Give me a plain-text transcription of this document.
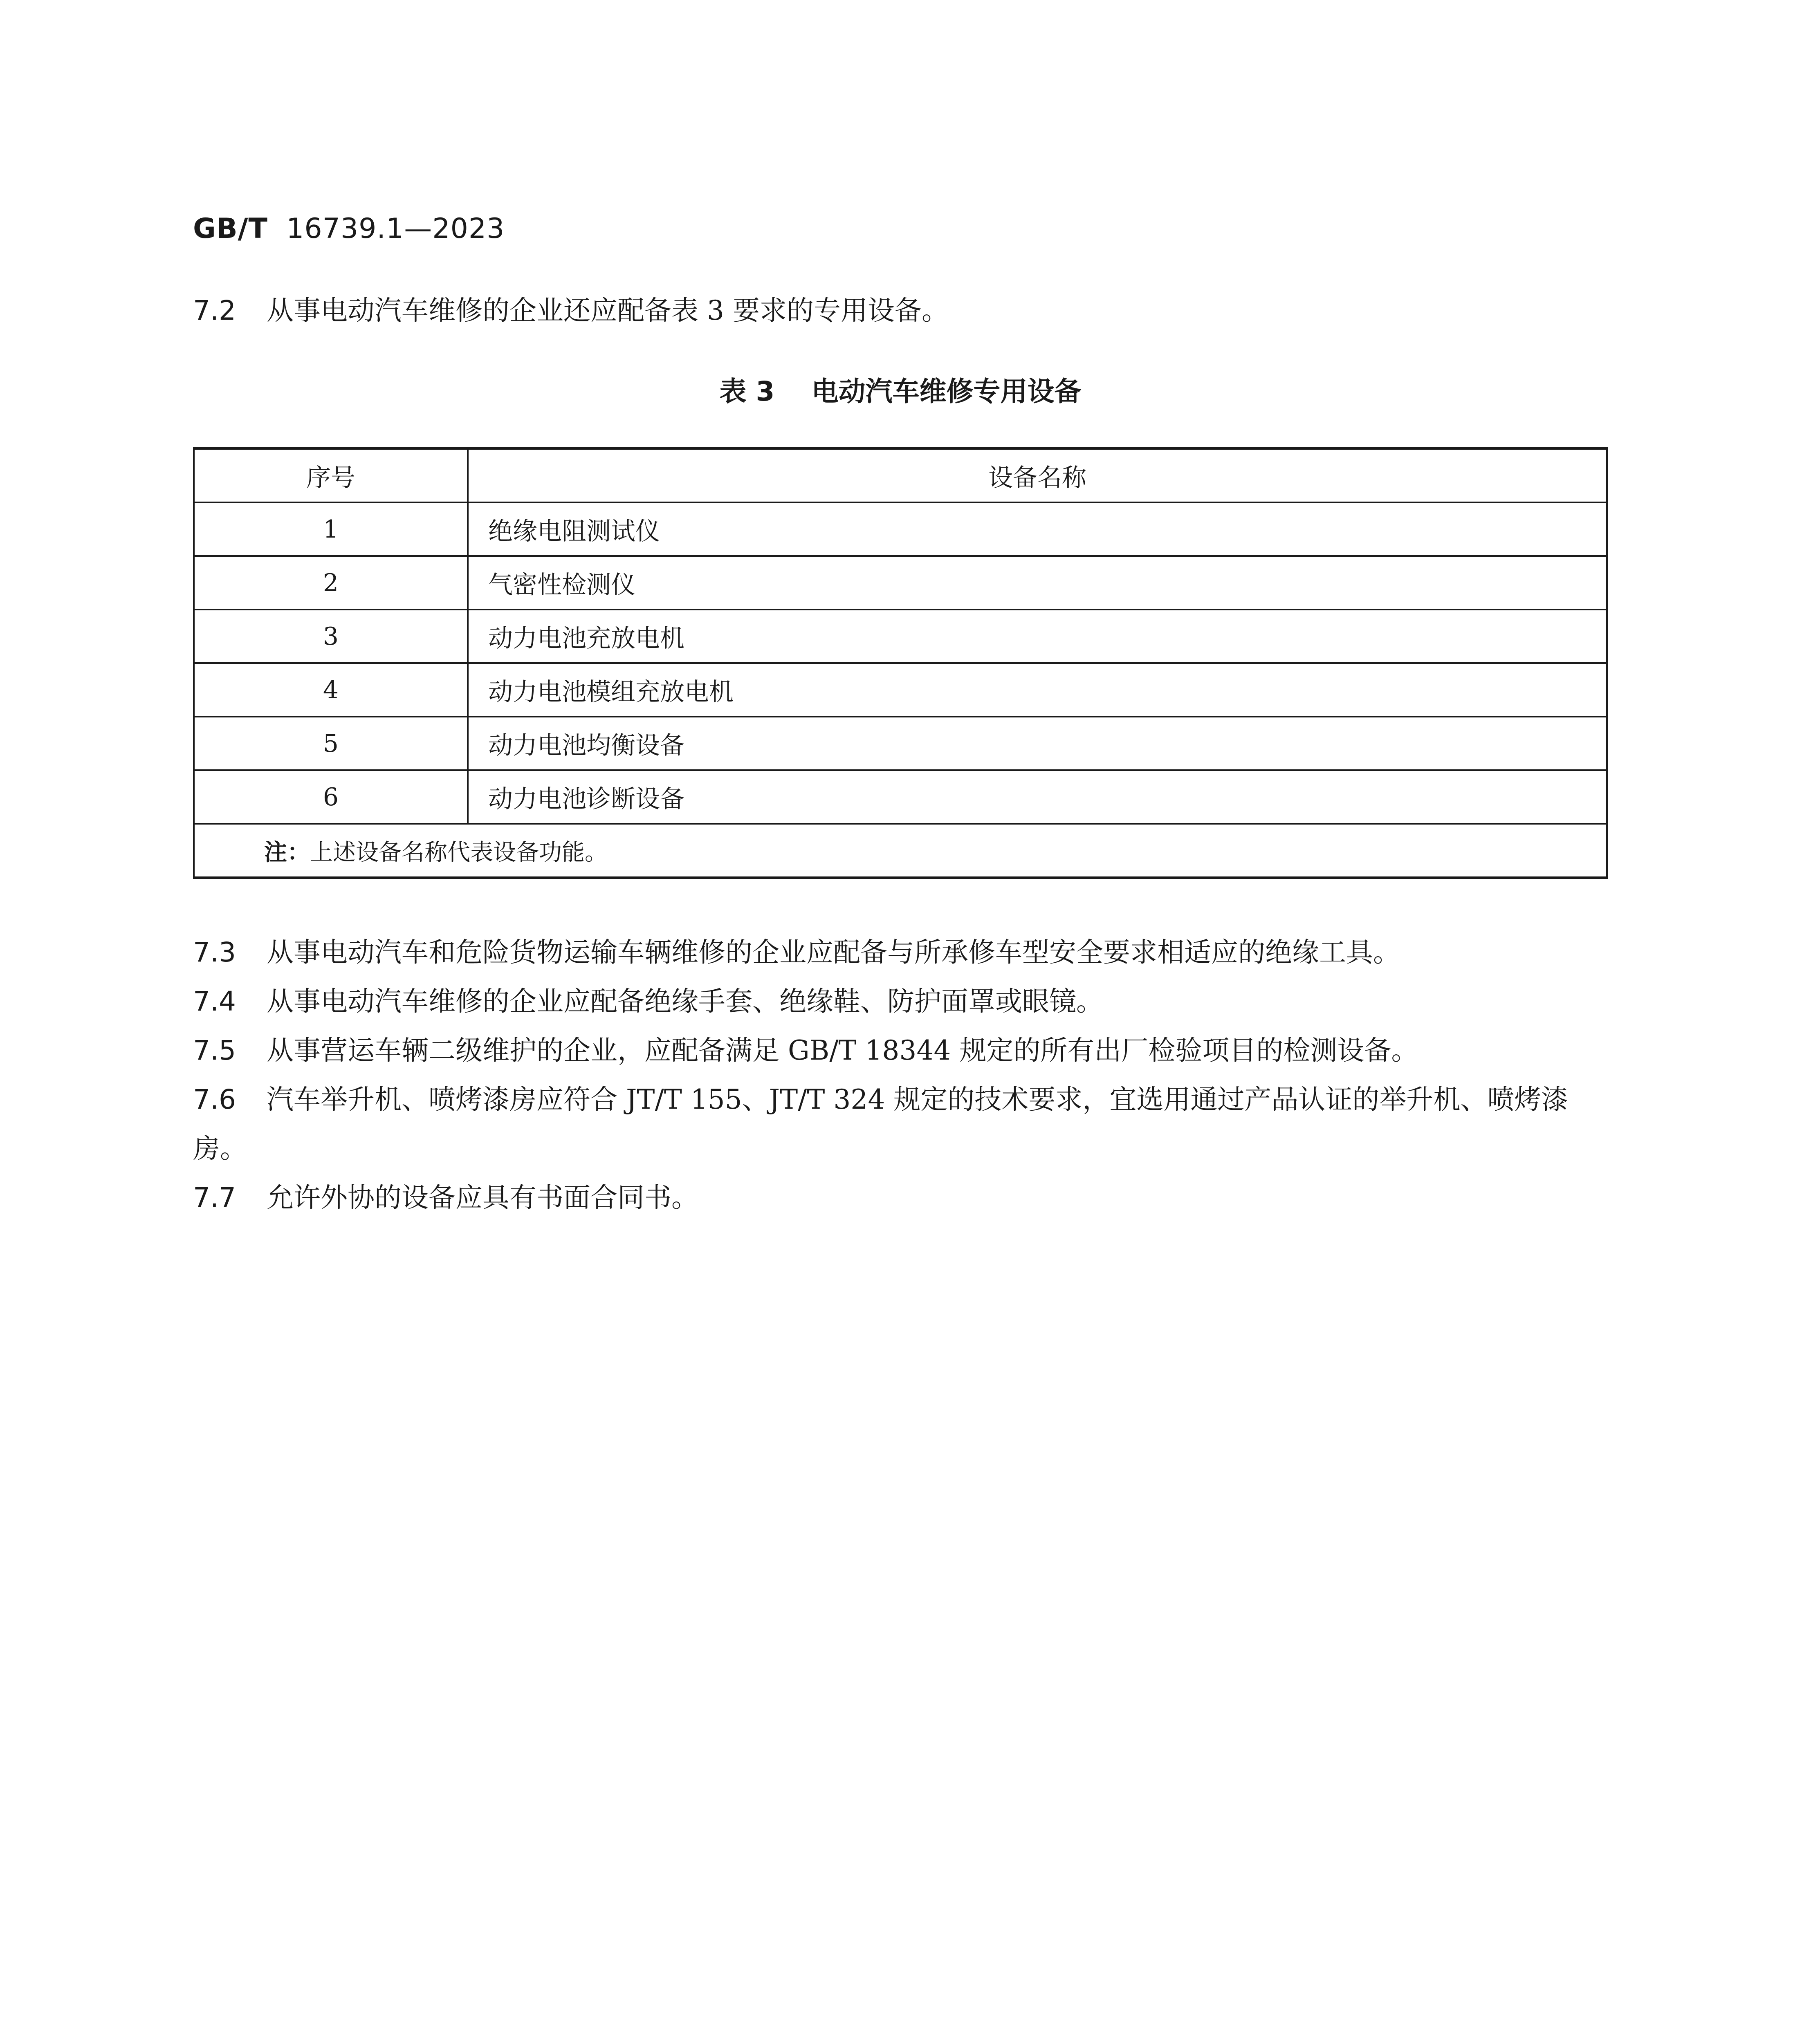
GB/T 16739.1—2023
7.2 从事电动汽车维修的企业还应配备表 3 要求的专用设备。
表 3 电动汽车维修专用设备
序号	设备名称
1	绝缘电阻测试仪
2	气密性检测仪
3	动力电池充放电机
4	动力电池模组充放电机
5	动力电池均衡设备
6	动力电池诊断设备
注：上述设备名称代表设备功能。	
7.3 从事电动汽车和危险货物运输车辆维修的企业应配备与所承修车型安全要求相适应的绝缘工具。
7.4 从事电动汽车维修的企业应配备绝缘手套、绝缘鞋、防护面罩或眼镜。
7.5 从事营运车辆二级维护的企业，应配备满足 GB/T 18344 规定的所有出厂检验项目的检测设备。
7.6 汽车举升机、喷烤漆房应符合 JT/T 155、JT/T 324 规定的技术要求，宜选用通过产品认证的举升机、喷烤漆房。
7.7 允许外协的设备应具有书面合同书。
